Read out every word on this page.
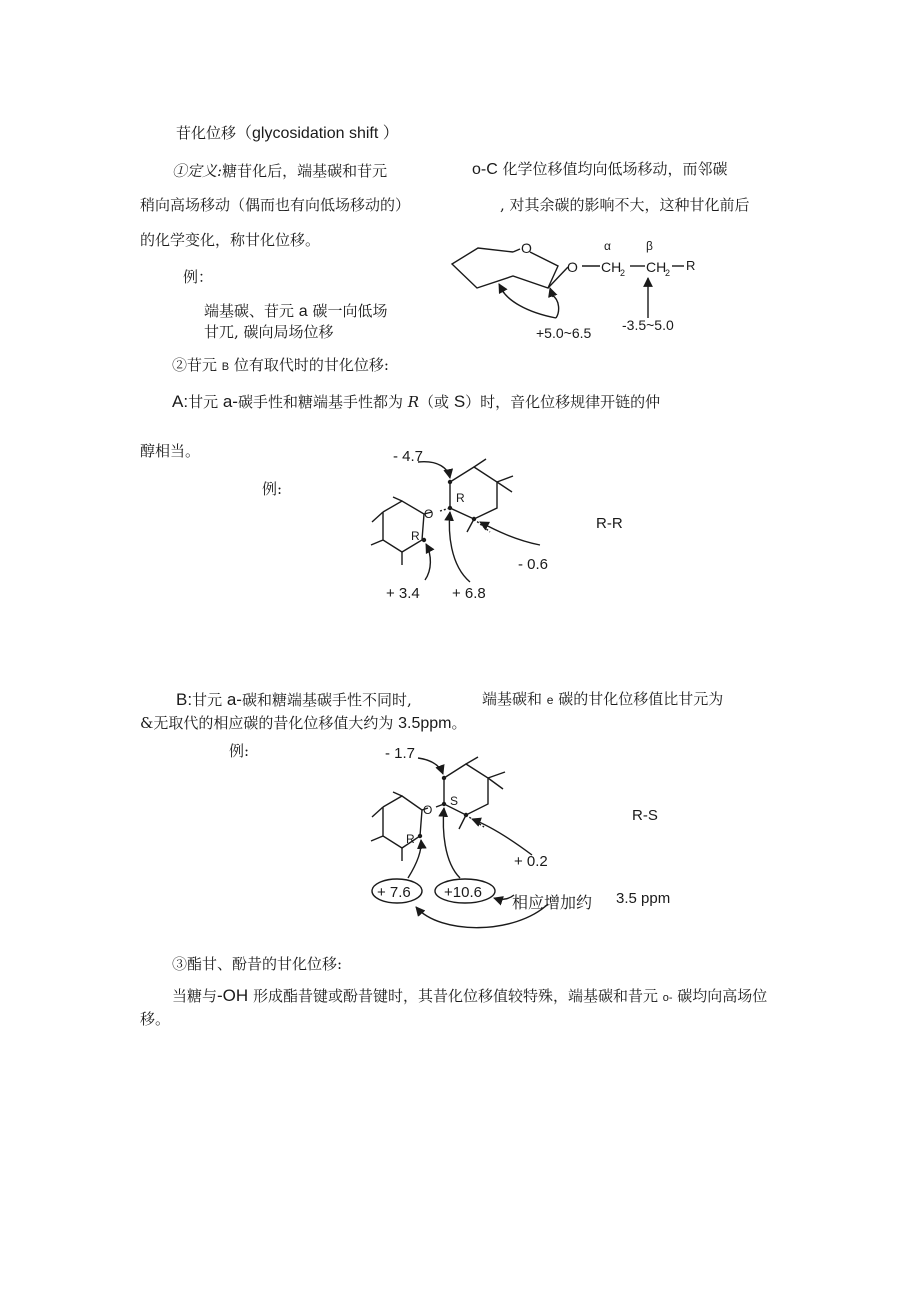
苷化位移（glycosidation shift ）
①定义:糖苷化后，端基碳和苷元	o-C 化学位移值均向低场移动，而邻碳
稍向高场移动（偶而也有向低场移动的）	, 对其余碳的影响不大，这种甘化前后
的化学变化，称甘化位移。
例：
端基碳、苷元 a 碳一向低场
甘兀, 碳向局场位移
②苷元 B 位有取代时的甘化位移:
A:甘元 a-碳手性和糖端基手性都为 R（或 S）时，音化位移规律开链的仲
醇相当。
例:
B:甘元 a-碳和糖端基碳手性不同时,	端基碳和 e 碳的甘化位移值比甘元为
&无取代的相应碳的昔化位移值大约为 3.5ppm。
例:
③酯甘、酚昔的甘化位移:
当糖与-OH 形成酯昔键或酚昔键时，其昔化位移值较特殊，端基碳和昔元 o- 碳均向高场位
移。
O
O CH
2 CH
2 R
α	β
+5.0~6.5 -3.5~5.0
O
R
R
- 4.7
- 0.6
+ 3.4 + 6.8
R-R
O
S
R
- 1.7
+ 0.2
+ 7.6 +10.6
R-S
相应增加约 3.5 ppm
